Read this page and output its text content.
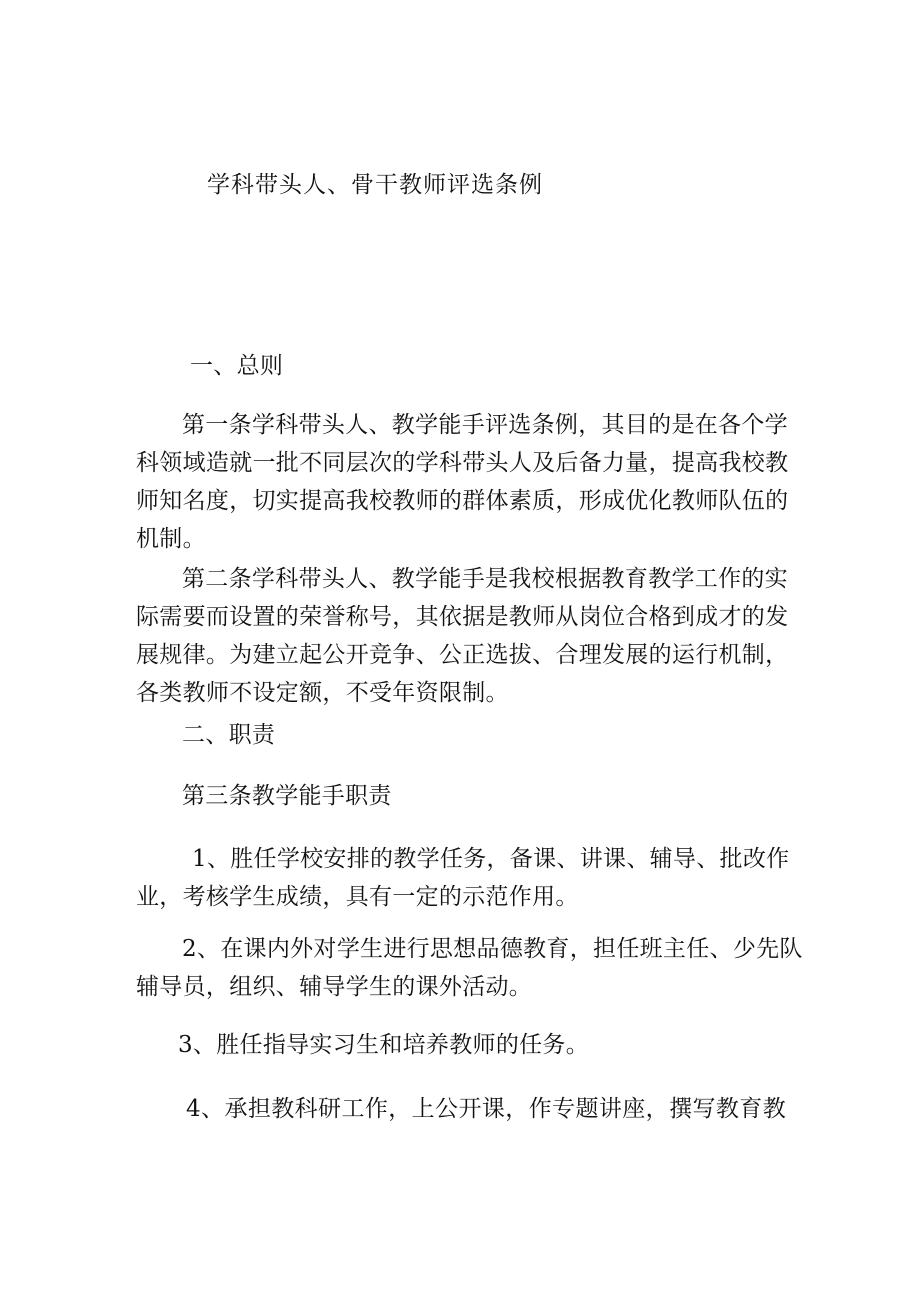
学科带头人、骨干教师评选条例
一、总则
第一条学科带头人、教学能手评选条例，其目的是在各个学
科领域造就一批不同层次的学科带头人及后备力量，提高我校教
师知名度，切实提高我校教师的群体素质，形成优化教师队伍的
机制。
第二条学科带头人、教学能手是我校根据教育教学工作的实
际需要而设置的荣誉称号，其依据是教师从岗位合格到成才的发
展规律。为建立起公开竞争、公正选拔、合理发展的运行机制，
各类教师不设定额，不受年资限制。
二、职责
第三条教学能手职责
1、胜任学校安排的教学任务，备课、讲课、辅导、批改作
业，考核学生成绩，具有一定的示范作用。
2、在课内外对学生进行思想品德教育，担任班主任、少先队
辅导员，组织、辅导学生的课外活动。
3、胜任指导实习生和培养教师的任务。
4、承担教科研工作，上公开课，作专题讲座，撰写教育教
